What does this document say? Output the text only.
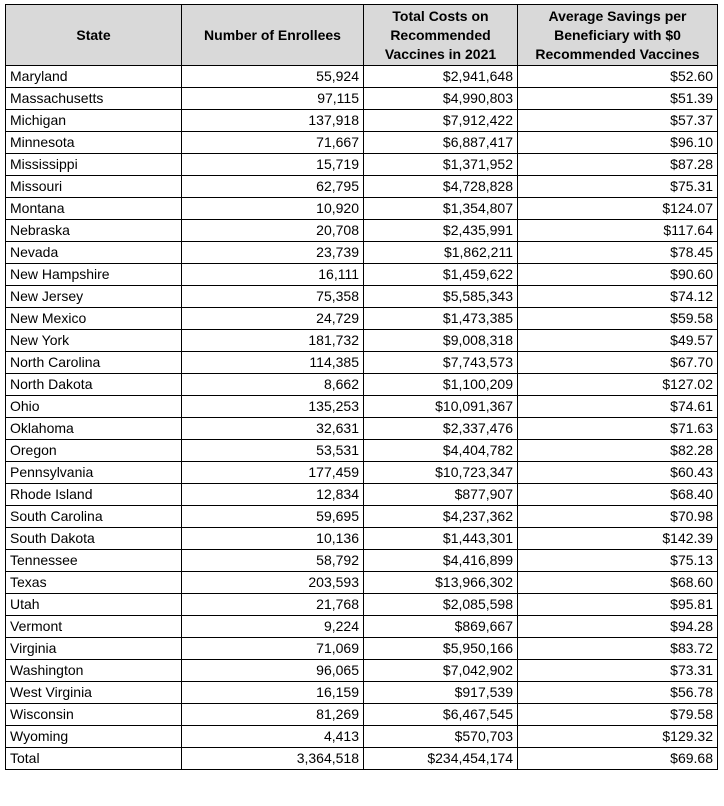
State	Number of Enrollees	Total Costs on Recommended Vaccines in 2021	Average Savings per Beneficiary with $0 Recommended Vaccines
Maryland	55,924	$2,941,648	$52.60
Massachusetts	97,115	$4,990,803	$51.39
Michigan	137,918	$7,912,422	$57.37
Minnesota	71,667	$6,887,417	$96.10
Mississippi	15,719	$1,371,952	$87.28
Missouri	62,795	$4,728,828	$75.31
Montana	10,920	$1,354,807	$124.07
Nebraska	20,708	$2,435,991	$117.64
Nevada	23,739	$1,862,211	$78.45
New Hampshire	16,111	$1,459,622	$90.60
New Jersey	75,358	$5,585,343	$74.12
New Mexico	24,729	$1,473,385	$59.58
New York	181,732	$9,008,318	$49.57
North Carolina	114,385	$7,743,573	$67.70
North Dakota	8,662	$1,100,209	$127.02
Ohio	135,253	$10,091,367	$74.61
Oklahoma	32,631	$2,337,476	$71.63
Oregon	53,531	$4,404,782	$82.28
Pennsylvania	177,459	$10,723,347	$60.43
Rhode Island	12,834	$877,907	$68.40
South Carolina	59,695	$4,237,362	$70.98
South Dakota	10,136	$1,443,301	$142.39
Tennessee	58,792	$4,416,899	$75.13
Texas	203,593	$13,966,302	$68.60
Utah	21,768	$2,085,598	$95.81
Vermont	9,224	$869,667	$94.28
Virginia	71,069	$5,950,166	$83.72
Washington	96,065	$7,042,902	$73.31
West Virginia	16,159	$917,539	$56.78
Wisconsin	81,269	$6,467,545	$79.58
Wyoming	4,413	$570,703	$129.32
Total	3,364,518	$234,454,174	$69.68
